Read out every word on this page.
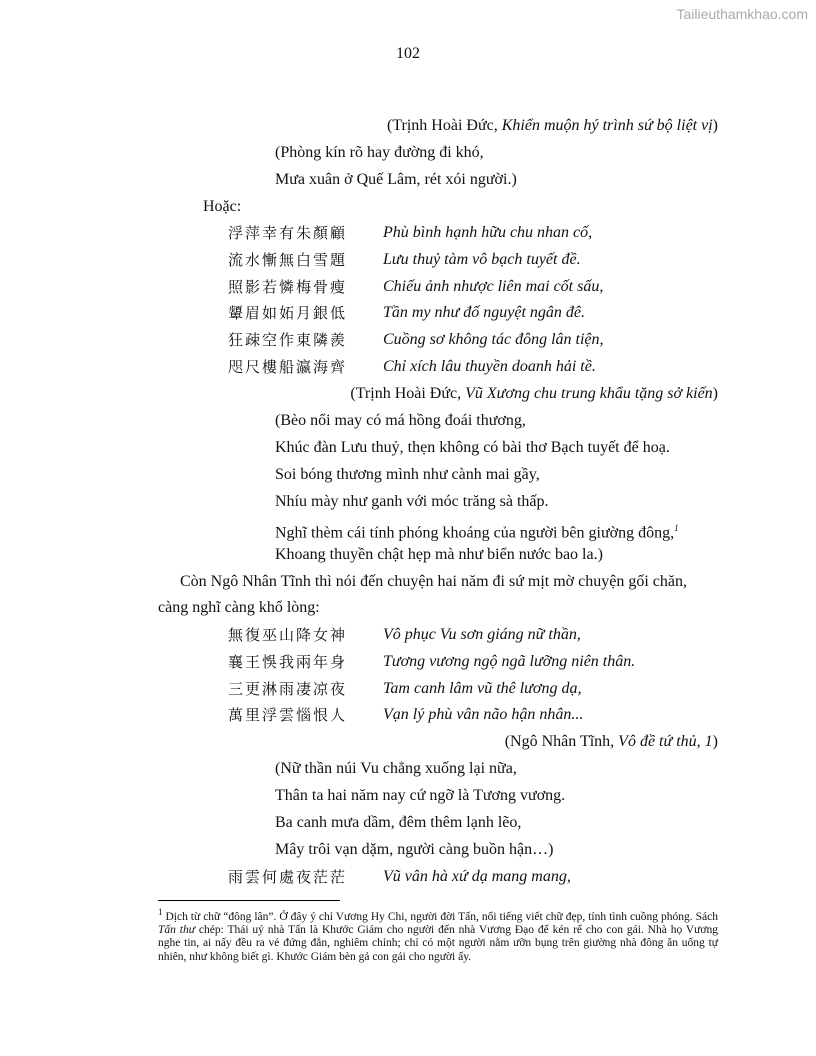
Tailieuthamkhao.com
102
(Trịnh Hoài Đức, Khiển muộn hý trình sứ bộ liệt vị)
(Phòng kín rõ hay đường đi khó,
Mưa xuân ở Quế Lâm, rét xói người.)
Hoặc:
浮萍幸有朱顏顧 Phù bình hạnh hữu chu nhan cố,
流水慚無白雪題 Lưu thuỷ tàm vô bạch tuyết đề.
照影若憐梅骨瘦 Chiếu ảnh nhược liên mai cốt sấu,
顰眉如妬月銀低 Tần my như đố nguyệt ngân đê.
狂疎空作東隣羨 Cuồng sơ không tác đông lân tiện,
咫尺樓船瀛海齊 Chỉ xích lâu thuyền doanh hải tề.
(Trịnh Hoài Đức, Vũ Xương chu trung khẩu tặng sở kiến)
(Bèo nổi may có má hồng đoái thương,
Khúc đàn Lưu thuỷ, thẹn không có bài thơ Bạch tuyết để hoạ.
Soi bóng thương mình như cành mai gầy,
Nhíu mày như ganh với móc trăng sà thấp.
Nghĩ thèm cái tính phóng khoáng của người bên giường đông,$^1$
Khoang thuyền chật hẹp mà như biển nước bao la.)
Còn Ngô Nhân Tĩnh thì nói đến chuyện hai năm đi sứ mịt mờ chuyện gối chăn,
càng nghĩ càng khổ lòng:
無復巫山降女神 Vô phục Vu sơn giáng nữ thần,
襄王悞我兩年身 Tương vương ngộ ngã lưỡng niên thân.
三更淋雨凄凉夜 Tam canh lâm vũ thê lương dạ,
萬里浮雲惱恨人 Vạn lý phù vân não hận nhân...
(Ngô Nhân Tĩnh, Vô đề tứ thủ, 1)
(Nữ thần núi Vu chẳng xuống lại nữa,
Thân ta hai năm nay cứ ngỡ là Tương vương.
Ba canh mưa dầm, đêm thêm lạnh lẽo,
Mây trôi vạn dặm, người càng buồn hận…)
雨雲何處夜茫茫 Vũ vân hà xứ dạ mang mang,
$^1$ Dịch từ chữ “đông lân”. Ở đây ý chỉ Vương Hy Chi, người đời Tấn, nổi tiếng viết chữ đẹp, tính tình cuồng phóng. Sách Tấn thư chép: Thái uý nhà Tấn là Khước Giám cho người đến nhà Vương Đạo để kén rể cho con gái. Nhà họ Vương nghe tin, ai nấy đều ra vẻ đứng đắn, nghiêm chỉnh; chỉ có một người nằm ưỡn bụng trên giường nhà đông ăn uống tự nhiên, như không biết gì. Khước Giám bèn gả con gái cho người ấy.
